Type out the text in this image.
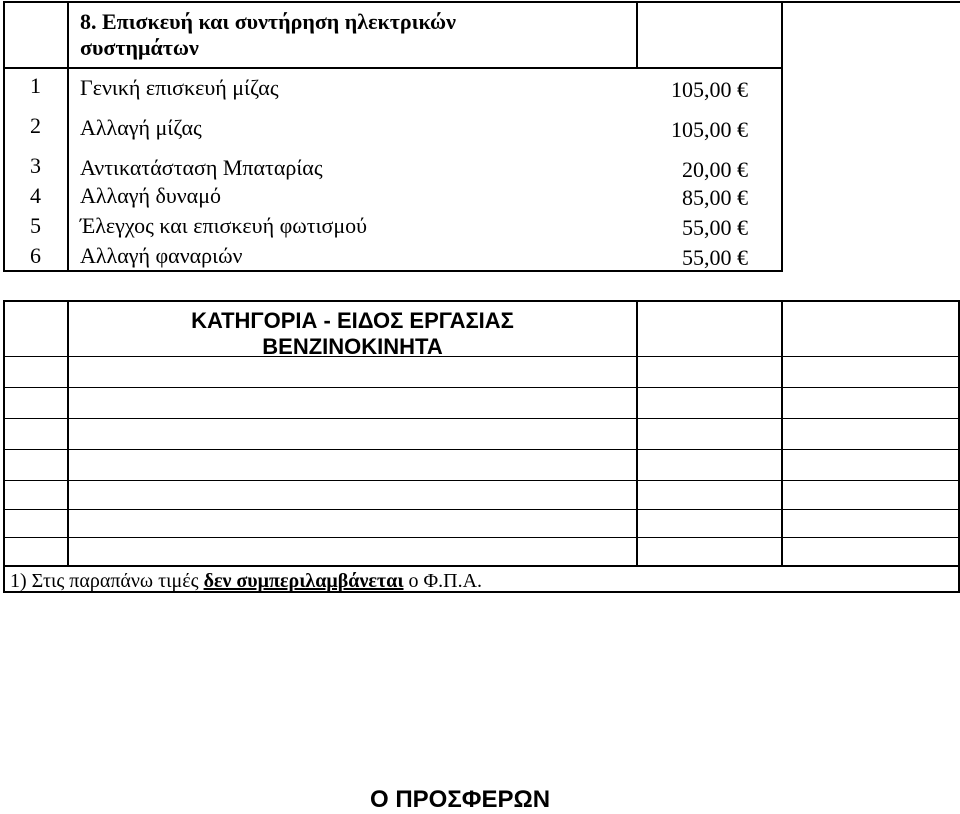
8. Επισκευή και συντήρηση ηλεκτρικών
συστημάτων
1 Γενική επισκευή μίζας	105,00 €
2 Αλλαγή μίζας	105,00 €
3 Αντικατάσταση Μπαταρίας	20,00 €
4 Αλλαγή δυναμό	85,00 €
5 Έλεγχος και επισκευή φωτισμού	55,00 €
6 Αλλαγή φαναριών	55,00 €
ΚΑΤΗΓΟΡΙΑ - ΕΙΔΟΣ ΕΡΓΑΣΙΑΣ
ΒΕΝΖΙΝΟΚΙΝΗΤΑ
1) Στις παραπάνω τιμές δεν συμπεριλαμβάνεται ο Φ.Π.Α.
Ο ΠΡΟΣΦΕΡΩΝ
